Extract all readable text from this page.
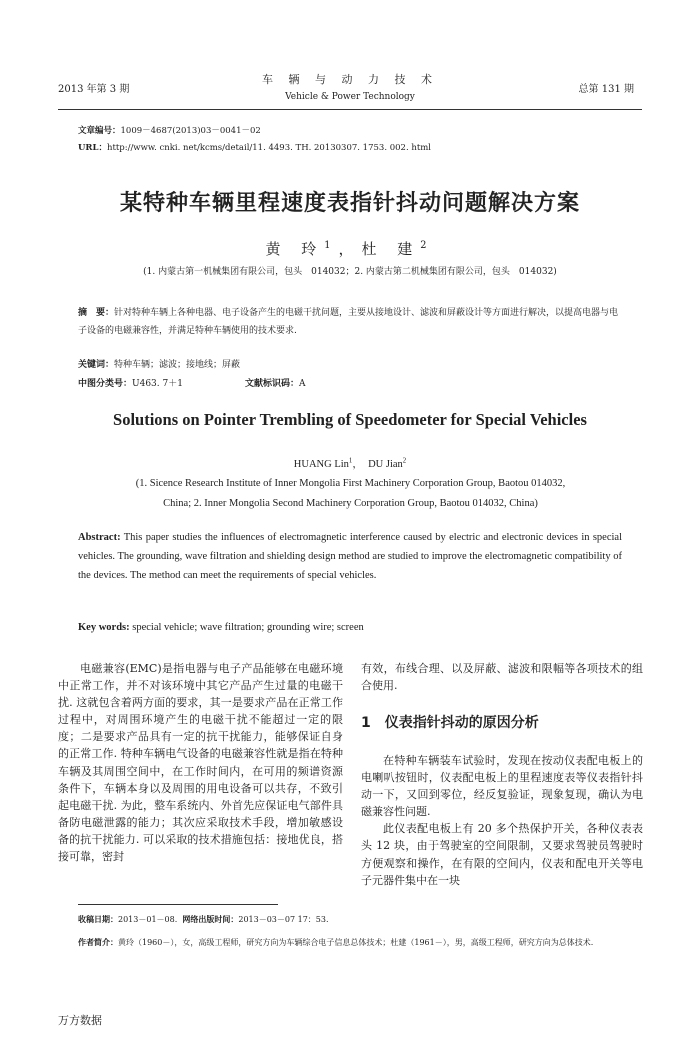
2013 年第 3 期
车 辆 与 动 力 技 术
Vehicle & Power Technology
总第 131 期
文章编号：1009－4687(2013)03－0041－02
URL：http://www. cnki. net/kcms/detail/11. 4493. TH. 20130307. 1753. 002. html
某特种车辆里程速度表指针抖动问题解决方案
黄 玲$^1$，杜 建$^2$
(1. 内蒙古第一机械集团有限公司，包头　014032；2. 内蒙古第二机械集团有限公司，包头　014032)
摘　要：针对特种车辆上各种电器、电子设备产生的电磁干扰问题，主要从接地设计、滤波和屏蔽设计等方面进行解决，以提高电器与电子设备的电磁兼容性，并满足特种车辆使用的技术要求.
关键词：特种车辆；滤波；接地线；屏蔽
中图分类号：U463. 7＋1	文献标识码：A
Solutions on Pointer Trembling of Speedometer for Special Vehicles
HUANG Lin$^1$， DU Jian$^2$
(1. Sicence Research Institute of Inner Mongolia First Machinery Corporation Group, Baotou 014032,
China; 2. Inner Mongolia Second Machinery Corporation Group, Baotou 014032, China)
Abstract: This paper studies the influences of electromagnetic interference caused by electric and electronic devices in special vehicles. The grounding, wave filtration and shielding design method are studied to improve the electromagnetic compatibility of the devices. The method can meet the requirements of special vehicles.
Key words: special vehicle; wave filtration; grounding wire; screen
电磁兼容(EMC)是指电器与电子产品能够在电磁环境中正常工作，并不对该环境中其它产品产生过量的电磁干扰. 这就包含着两方面的要求，其一是要求产品在正常工作过程中，对周围环境产生的电磁干扰不能超过一定的限度；二是要求产品具有一定的抗干扰能力，能够保证自身的正常工作. 特种车辆电气设备的电磁兼容性就是指在特种车辆及其周围空间中，在工作时间内，在可用的频谱资源条件下，车辆本身以及周围的用电设备可以共存，不致引起电磁干扰. 为此，整车系统内、外首先应保证电气部件具备防电磁泄露的能力；其次应采取技术手段，增加敏感设备的抗干扰能力. 可以采取的技术措施包括：接地优良，搭接可靠，密封
有效，布线合理、以及屏蔽、滤波和限幅等各项技术的组合使用.
1　仪表指针抖动的原因分析
在特种车辆装车试验时，发现在按动仪表配电板上的电喇叭按钮时，仪表配电板上的里程速度表等仪表指针抖动一下，又回到零位，经反复验证，现象复现，确认为电磁兼容性问题.
此仪表配电板上有 20 多个热保护开关，各种仪表表头 12 块，由于驾驶室的空间限制，又要求驾驶员驾驶时方便观察和操作，在有限的空间内，仪表和配电开关等电子元器件集中在一块
收稿日期：2013－01－08. 网络出版时间：2013－03－07 17：53.
作者简介：黄玲（1960－），女，高级工程师，研究方向为车辆综合电子信息总体技术；杜建（1961－），男，高级工程师，研究方向为总体技术.
万方数据
